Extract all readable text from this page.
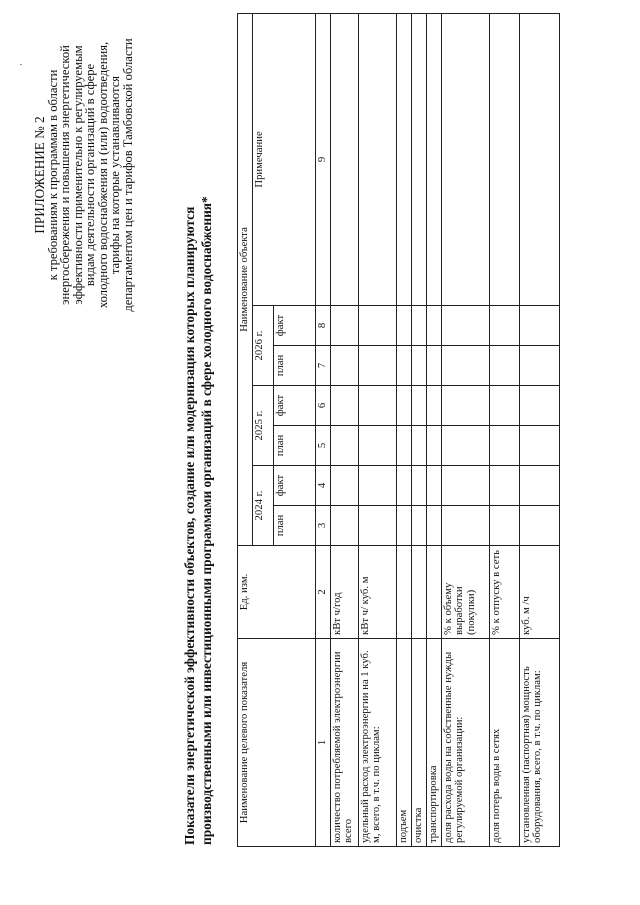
ПРИЛОЖЕНИЕ № 2
к требованиям к программам в области
энергосбережения и повышения энергетической
эффективности применительно к регулируемым
видам деятельности организаций в сфере
холодного водоснабжения и (или) водоотведения,
тарифы на которые устанавливаются
департаментом цен и тарифов Тамбовской области
Показатели энергетической эффективности объектов, создание или модернизация которых планируются производственными или инвестиционными программами организаций в сфере холодного водоснабжения* Наименование целевого показателя	Ед. изм.	Наименование объекта						
		2024 г.		2025 г.		2026 г.		Примечание
		план	факт	план	факт	план	факт	
1	2	3	4	5	6	7	8	9
количество потребляемой электроэнергии всего	кВт ч/год							
удельный расход электроэнергии на 1 куб. м, всего, в т.ч. по циклам:	кВт ч/ куб. м							
подъем								
очистка								
транспортировка								
доля расхода воды на собственные нужды регулируемой организации:	% к объему выработки (покупки)							
доля потерь воды в сетях	% к отпуску в сеть							
установленная (паспортная) мощность оборудования, всего, в т.ч. по циклам:	куб. м /ч							
